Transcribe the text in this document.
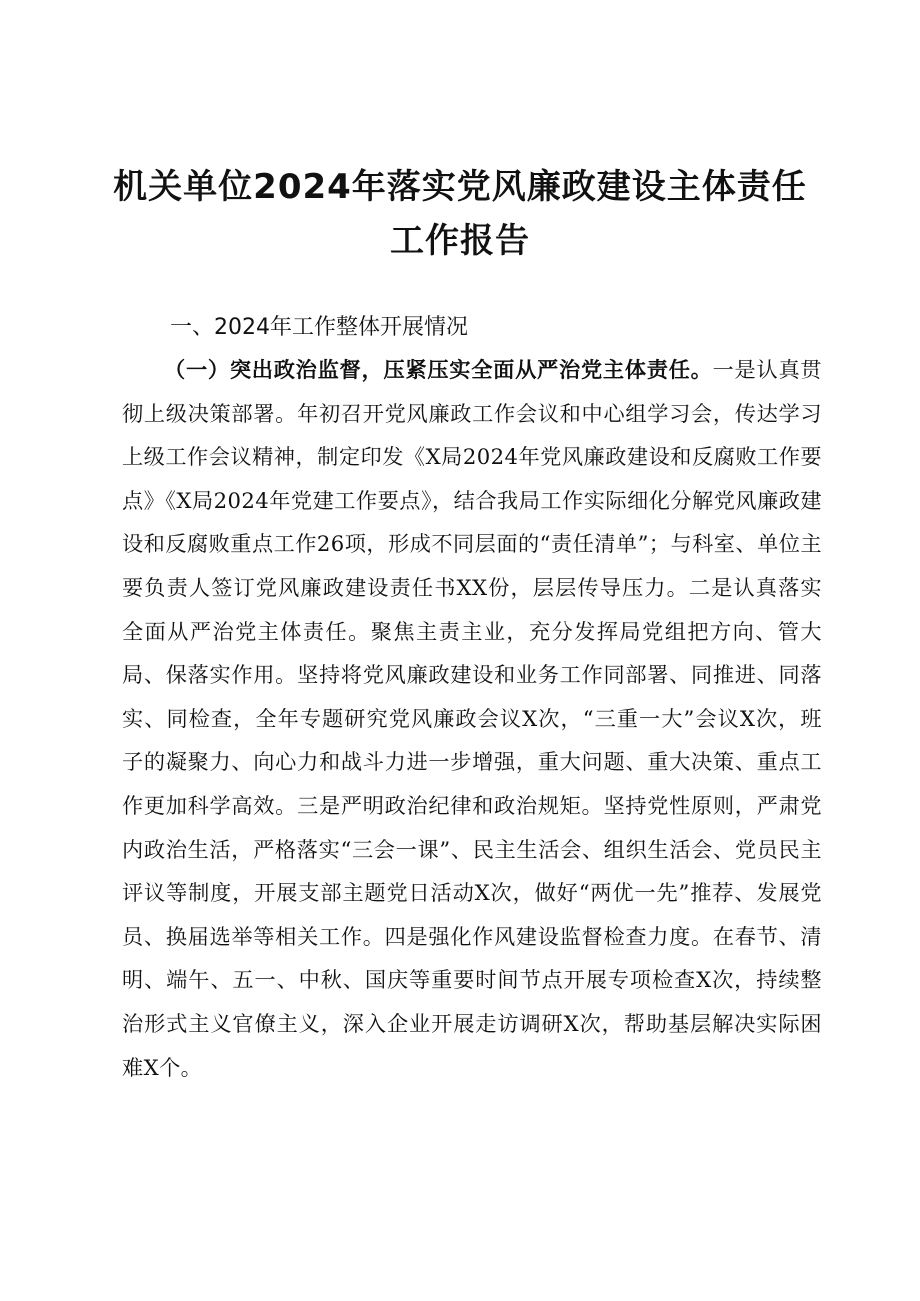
机关单位2024年落实党风廉政建设主体责任
工作报告
一、2024年工作整体开展情况

（一）突出政治监督，压紧压实全面从严治党主体责任。一是认真贯彻上级决策部署。年初召开党风廉政工作会议和中心组学习会，传达学习上级工作会议精神，制定印发《X局2024年党风廉政建设和反腐败工作要点》《X局2024年党建工作要点》，结合我局工作实际细化分解党风廉政建设和反腐败重点工作26项，形成不同层面的“责任清单”；与科室、单位主要负责人签订党风廉政建设责任书XX份，层层传导压力。二是认真落实全面从严治党主体责任。聚焦主责主业，充分发挥局党组把方向、管大局、保落实作用。坚持将党风廉政建设和业务工作同部署、同推进、同落实、同检查，全年专题研究党风廉政会议X次，“三重一大”会议X次，班子的凝聚力、向心力和战斗力进一步增强，重大问题、重大决策、重点工作更加科学高效。三是严明政治纪律和政治规矩。坚持党性原则，严肃党内政治生活，严格落实“三会一课”、民主生活会、组织生活会、党员民主评议等制度，开展支部主题党日活动X次，做好“两优一先”推荐、发展党员、换届选举等相关工作。四是强化作风建设监督检查力度。在春节、清明、端午、五一、中秋、国庆等重要时间节点开展专项检查X次，持续整治形式主义官僚主义，深入企业开展走访调研X次，帮助基层解决实际困难X个。
